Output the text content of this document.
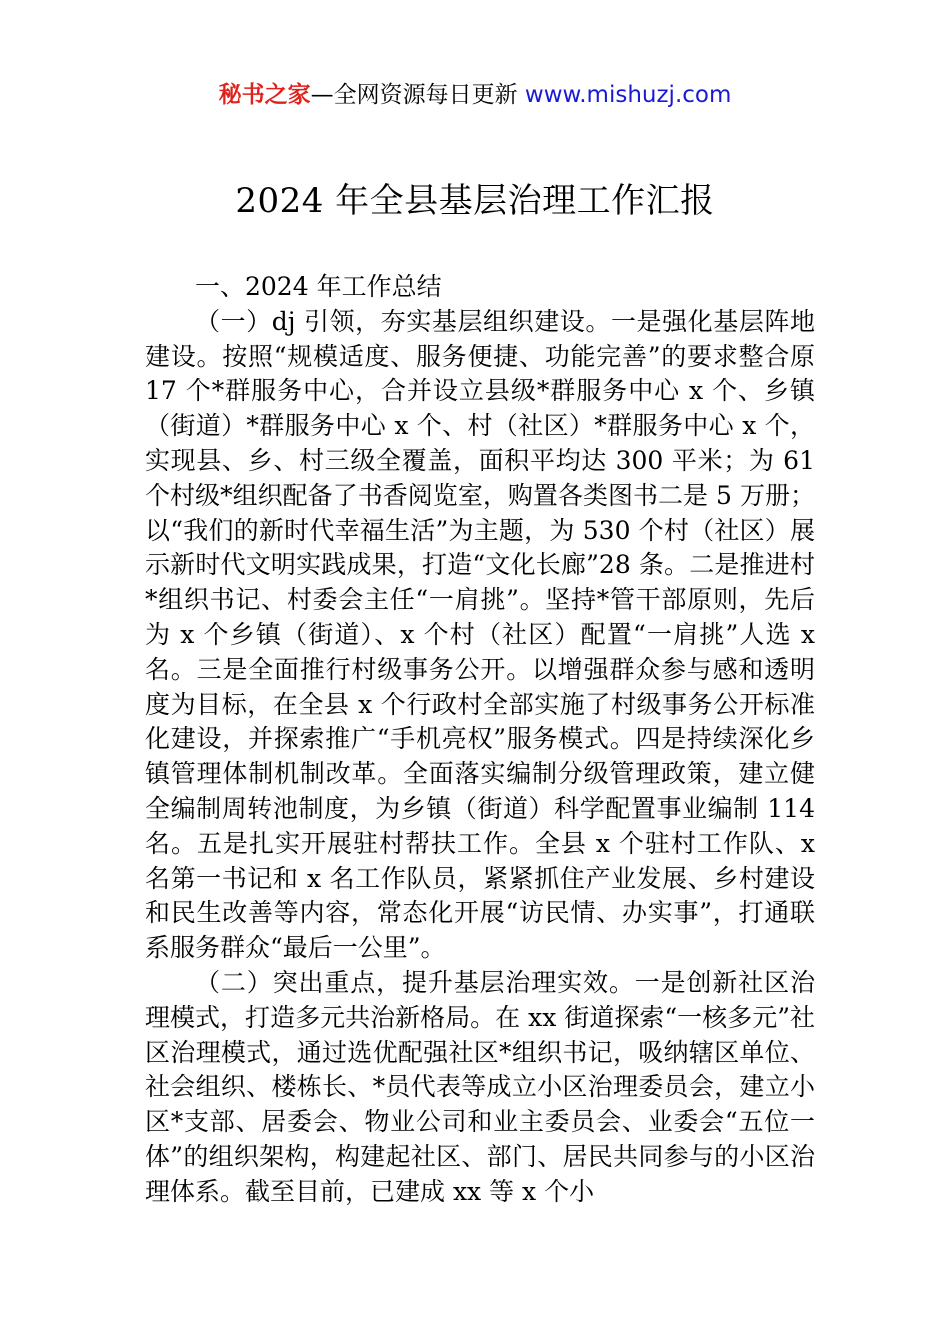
秘书之家—全网资源每日更新 www.mishuzj.com
2024 年全县基层治理工作汇报

一、2024 年工作总结

（一）dj 引领，夯实基层组织建设。一是强化基层阵地建设。按照“规模适度、服务便捷、功能完善”的要求整合原 17 个*群服务中心，合并设立县级*群服务中心 x 个、乡镇（街道）*群服务中心 x 个、村（社区）*群服务中心 x 个，实现县、乡、村三级全覆盖，面积平均达 300 平米；为 61 个村级*组织配备了书香阅览室，购置各类图书二是 5 万册；以“我们的新时代幸福生活”为主题，为 530 个村（社区）展示新时代文明实践成果，打造“文化长廊”28 条。二是推进村*组织书记、村委会主任“一肩挑”。坚持*管干部原则，先后为 x 个乡镇（街道）、x 个村（社区）配置“一肩挑”人选 x 名。三是全面推行村级事务公开。以增强群众参与感和透明度为目标，在全县 x 个行政村全部实施了村级事务公开标准化建设，并探索推广“手机亮权”服务模式。四是持续深化乡镇管理体制机制改革。全面落实编制分级管理政策，建立健全编制周转池制度，为乡镇（街道）科学配置事业编制 114 名。五是扎实开展驻村帮扶工作。全县 x 个驻村工作队、x 名第一书记和 x 名工作队员，紧紧抓住产业发展、乡村建设和民生改善等内容，常态化开展“访民情、办实事”，打通联系服务群众“最后一公里”。

（二）突出重点，提升基层治理实效。一是创新社区治理模式，打造多元共治新格局。在 xx 街道探索“一核多元”社区治理模式，通过选优配强社区*组织书记，吸纳辖区单位、社会组织、楼栋长、*员代表等成立小区治理委员会，建立小区*支部、居委会、物业公司和业主委员会、业委会“五位一体”的组织架构，构建起社区、部门、居民共同参与的小区治理体系。截至目前，已建成 xx 等 x 个小
